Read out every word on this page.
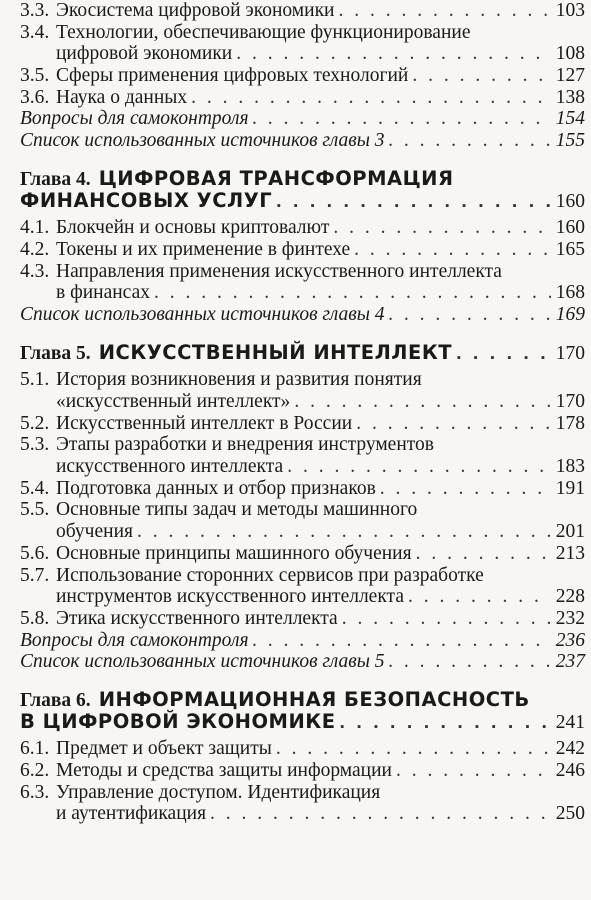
3.3. Экосистема цифровой экономики . . .	103
3.4. Технологии, обеспечивающие функционирование
цифровой экономики . . .	108
3.5. Сферы применения цифровых технологий . . .	127
3.6. Наука о данных . . .	138
Вопросы для самоконтроля . . .	154
Список использованных источников главы 3 . . .	155
Глава 4. ЦИФРОВАЯ ТРАНСФОРМАЦИЯ
ФИНАНСОВЫХ УСЛУГ . . .	160
4.1. Блокчейн и основы криптовалют . . .	160
4.2. Токены и их применение в финтехе . . .	165
4.3. Направления применения искусственного интеллекта
в финансах . . .	168
Список использованных источников главы 4 . . .	169
Глава 5. ИСКУССТВЕННЫЙ ИНТЕЛЛЕКТ . . .	170
5.1. История возникновения и развития понятия
«искусственный интеллект» . . .	170
5.2. Искусственный интеллект в России . . .	178
5.3. Этапы разработки и внедрения инструментов
искусственного интеллекта . . .	183
5.4. Подготовка данных и отбор признаков . . .	191
5.5. Основные типы задач и методы машинного
обучения . . .	201
5.6. Основные принципы машинного обучения . . .	213
5.7. Использование сторонних сервисов при разработке
инструментов искусственного интеллекта . . .	228
5.8. Этика искусственного интеллекта . . .	232
Вопросы для самоконтроля . . .	236
Список использованных источников главы 5 . . .	237
Глава 6. ИНФОРМАЦИОННАЯ БЕЗОПАСНОСТЬ
В ЦИФРОВОЙ ЭКОНОМИКЕ . . .	241
6.1. Предмет и объект защиты . . .	242
6.2. Методы и средства защиты информации . . .	246
6.3. Управление доступом. Идентификация
и аутентификация . . .	250
